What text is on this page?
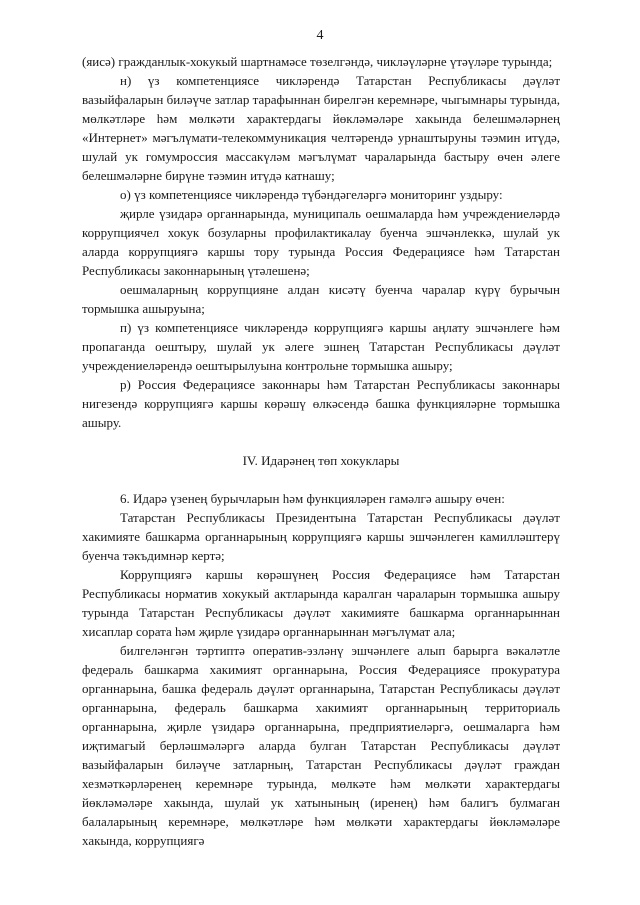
4

(яисә) гражданлык-хокукый шартнамәсе төзелгәндә, чикләүләрне үтәүләре турында;

н) үз компетенциясе чикләрендә Татарстан Республикасы дәүләт вазыйфаларын биләүче затлар тарафыннан бирелгән керемнәре, чыгымнары турында, мөлкәтләре һәм мөлкәти характердагы йөкләмәләре хакында белешмәләрнең «Интернет» мәгълүмати-телекоммуникация челтәрендә урнаштыруны тәэмин итүдә, шулай ук гомумроссия массакүләм мәгълүмат чараларында бастыру өчен әлеге белешмәләрне бирүне тәэмин итүдә катнашу;

о) үз компетенциясе чикләрендә түбәндәгеләргә мониторинг уздыру:

җирле үзидарә органнарында, муниципаль оешмаларда һәм учреждениеләрдә коррупциячел хокук бозуларны профилактикалау буенча эшчәнлеккә, шулай ук аларда коррупциягә каршы тору турында Россия Федерациясе һәм Татарстан Республикасы законнарының үтәлешенә;

оешмаларның коррупцияне алдан кисәтү буенча чаралар күрү бурычын тормышка ашыруына;

п) үз компетенциясе чикләрендә коррупциягә каршы аңлату эшчәнлеге һәм пропаганда оештыру, шулай ук әлеге эшнең Татарстан Республикасы дәүләт учреждениеләрендә оештырылуына контрольне тормышка ашыру;

р) Россия Федерациясе законнары һәм Татарстан Республикасы законнары нигезендә коррупциягә каршы көрәшү өлкәсендә башка функцияләрне тормышка ашыру.

IV. Идарәнең төп хокуклары

6. Идарә үзенең бурычларын һәм функцияләрен гамәлгә ашыру өчен:

Татарстан Республикасы Президентына Татарстан Республикасы дәүләт хакимияте башкарма органнарының коррупциягә каршы эшчәнлеген камилләштерү буенча тәкъдимнәр кертә;

Коррупциягә каршы көрәшүнең Россия Федерациясе һәм Татарстан Республикасы норматив хокукый актларында каралган чараларын тормышка ашыру турында Татарстан Республикасы дәүләт хакимияте башкарма органнарыннан хисаплар сората һәм җирле үзидарә органнарыннан мәгълүмат ала;

билгеләнгән тәртиптә оператив-эзләнү эшчәнлеге алып барырга вәкаләтле федераль башкарма хакимият органнарына, Россия Федерациясе прокуратура органнарына, башка федераль дәүләт органнарына, Татарстан Республикасы дәүләт органнарына, федераль башкарма хакимият органнарының территориаль органнарына, җирле үзидарә органнарына, предприятиеләргә, оешмаларга һәм иҗтимагый берләшмәләргә аларда булган Татарстан Республикасы дәүләт вазыйфаларын биләүче затларның, Татарстан Республикасы дәүләт граждан хезмәткәрләренең керемнәре турында, мөлкәте һәм мөлкәти характердагы йөкләмәләре хакында, шулай ук хатынының (иренең) һәм балигъ булмаган балаларының керемнәре, мөлкәтләре һәм мөлкәти характердагы йөкләмәләре хакында, коррупциягә
